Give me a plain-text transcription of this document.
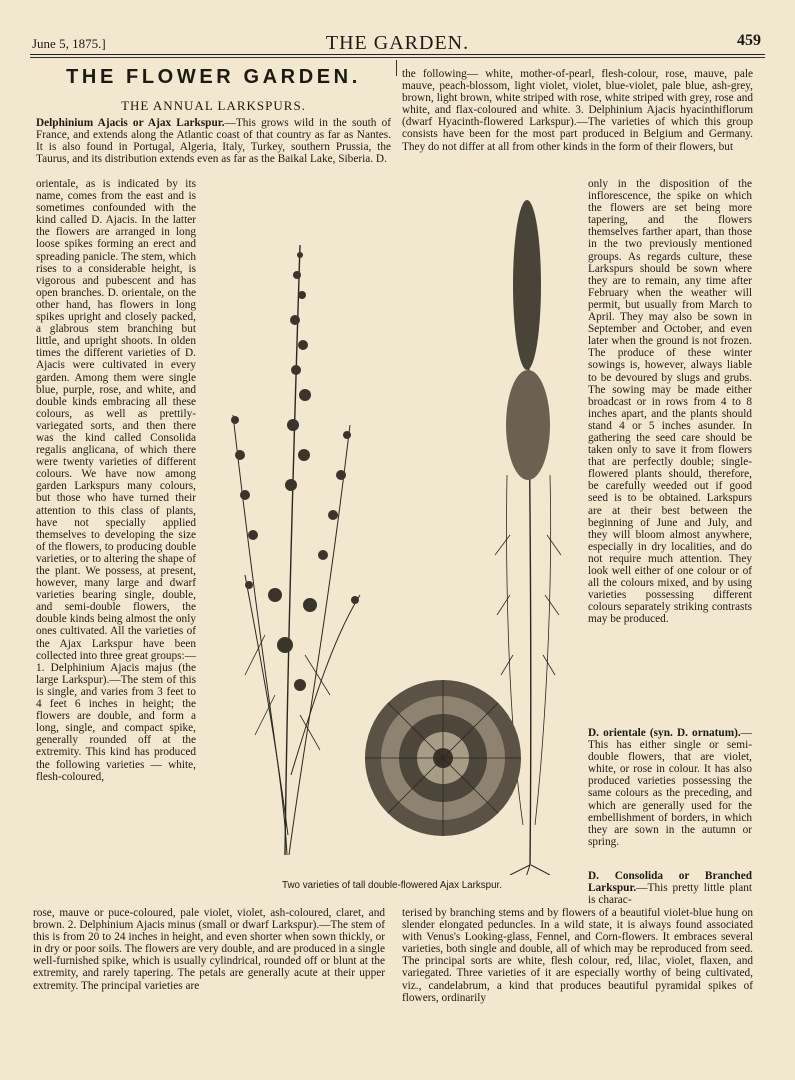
June 5, 1875.]	THE GARDEN.	459
THE FLOWER GARDEN.
THE ANNUAL LARKSPURS.

Delphinium Ajacis or Ajax Larkspur.—This grows wild in the south of France, and extends along the Atlantic coast of that country as far as Nantes. It is also found in Portugal, Algeria, Italy, Turkey, southern Prussia, the Taurus, and its distribution extends even as far as the Baikal Lake, Siberia. D.

orientale, as is indicated by its name, comes from the east and is sometimes confounded with the kind called D. Ajacis. In the latter the flowers are arranged in long loose spikes forming an erect and spreading panicle. The stem, which rises to a considerable height, is vigorous and pubescent and has open branches. D. orientale, on the other hand, has flowers in long spikes upright and closely packed, a glabrous stem branching but little, and upright shoots. In olden times the different varieties of D. Ajacis were cultivated in every garden. Among them were single blue, purple, rose, and white, and double kinds embracing all these colours, as well as prettily-variegated sorts, and then there was the kind called Consolida regalis anglicana, of which there were twenty varieties of different colours. We have now among garden Larkspurs many colours, but those who have turned their attention to this class of plants, have not specially applied themselves to developing the size of the flowers, to producing double varieties, or to altering the shape of the plant. We possess, at present, however, many large and dwarf varieties bearing single, double, and semi-double flowers, the double kinds being almost the only ones cultivated. All the varieties of the Ajax Larkspur have been collected into three great groups:— 1. Delphinium Ajacis majus (the large Larkspur).—The stem of this is single, and varies from 3 feet to 4 feet 6 inches in height; the flowers are double, and form a long, single, and compact spike, generally rounded off at the extremity. This kind has produced the following varieties — white, flesh-coloured,

rose, mauve or puce-coloured, pale violet, violet, ash-coloured, claret, and brown. 2. Delphinium Ajacis minus (small or dwarf Larkspur).—The stem of this is from 20 to 24 inches in height, and even shorter when sown thickly, or in dry or poor soils. The flowers are very double, and are produced in a single well-furnished spike, which is usually cylindrical, rounded off or blunt at the extremity, and rarely tapering. The petals are generally acute at their upper extremity. The principal varieties are

the following— white, mother-of-pearl, flesh-colour, rose, mauve, pale mauve, peach-blossom, light violet, violet, blue-violet, pale blue, ash-grey, brown, light brown, white striped with rose, white striped with grey, rose and white, and flax-coloured and white. 3. Delphinium Ajacis hyacinthiflorum (dwarf Hyacinth-flowered Larkspur).—The varieties of which this group consists have been for the most part produced in Belgium and Germany. They do not differ at all from other kinds in the form of their flowers, but

only in the disposition of the inflorescence, the spike on which the flowers are set being more tapering, and the flowers themselves farther apart, than those in the two previously mentioned groups. As regards culture, these Larkspurs should be sown where they are to remain, any time after February when the weather will permit, but usually from March to April. They may also be sown in September and October, and even later when the ground is not frozen. The produce of these winter sowings is, however, always liable to be devoured by slugs and grubs. The sowing may be made either broadcast or in rows from 4 to 8 inches apart, and the plants should stand 4 or 5 inches asunder. In gathering the seed care should be taken only to save it from flowers that are perfectly double; single-flowered plants should, therefore, be carefully weeded out if good seed is to be obtained. Larkspurs are at their best between the beginning of June and July, and they will bloom almost anywhere, especially in dry localities, and do not require much attention. They look well either of one colour or of all the colours mixed, and by using varieties possessing different colours separately striking contrasts may be produced.

D. orientale (syn. D. ornatum).—This has either single or semi-double flowers, that are violet, white, or rose in colour. It has also produced varieties possessing the same colours as the preceding, and which are generally used for the embellishment of borders, in which they are sown in the autumn or spring.

D. Consolida or Branched Larkspur.—This pretty little plant is charac-

terised by branching stems and by flowers of a beautiful violet-blue hung on slender elongated peduncles. In a wild state, it is always found associated with Venus's Looking-glass, Fennel, and Corn-flowers. It embraces several varieties, both single and double, all of which may be reproduced from seed. The principal sorts are white, flesh colour, red, lilac, violet, flaxen, and variegated. Three varieties of it are especially worthy of being cultivated, viz., candelabrum, a kind that produces beautiful pyramidal spikes of flowers, ordinarily

Two varieties of tall double-flowered Ajax Larkspur.
